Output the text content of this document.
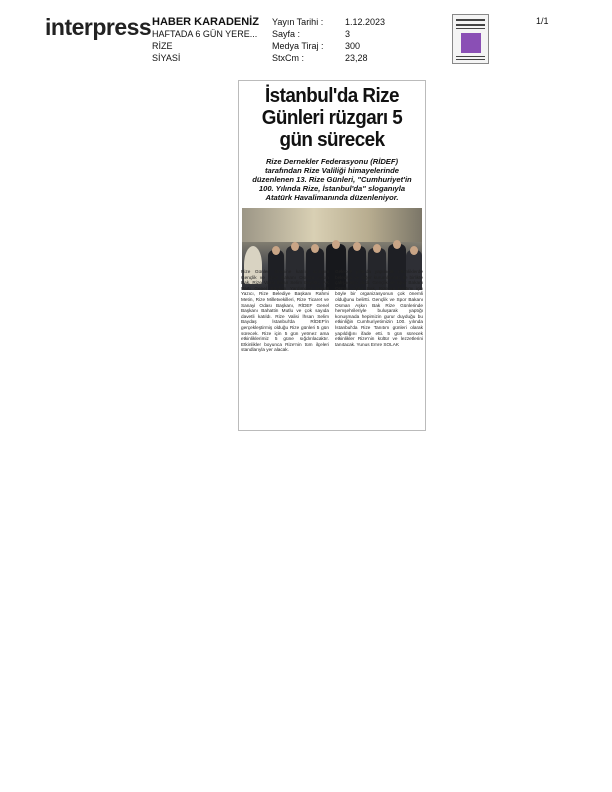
interpress HABER KARADENİZ
HAFTADA 6 GÜN YERE...
RİZE
SİYASİ
Yayın Tarihi :
Sayfa :
Medya Tiraj :
StxCm :
1.12.2023
3
300
23,28
1/1
İstanbul'da Rize Günleri rüzgarı 5 gün sürecek
Rize Dernekler Federasyonu (RİDEF) tarafından Rize Valiliği himayelerinde düzenlenen 13. Rize Günleri, "Cumhuriyet'in 100. Yılında Rize, İstanbul'da" sloganıyla Atatürk Havalimanında düzenleniyor.

Rize Günleri törenine katılıp açılışını Gençlik ve Spor Bakanı Osman Aşkın Bak, Rize Valisi İhsan Selim Baydaş, AK Parti Genel Başkan Yardımcısı Hayati Yazıcı, Rize Belediye Başkanı Rahmi Metin, Rize Milletvekilleri, Rize Ticaret ve Sanayi Odası Başkanı, RİDEF Genel Başkanı Bahattin Mutlu ve çok sayıda davetli katıldı. Rize Valisi İhsan Selim Baydaş İstanbul'da RİDEF'in gerçekleştirmiş olduğu Rize günleri 5 gün sürecek. Rize için 5 gün yetmez ama etkinliklerimiz 5 güne sığdırılacaktır. Etkinlikler boyunca Rize'nin tüm ilçeleri standlarıyla yer alacak.

Gelecek yıllarda yapılacak etkinliklerde belediye ve diğer kurumlarımız ile birlikte çalışacağız dedi. Gençlik ve Spor Bakanı Osman Aşkın Bak, Rize'nin tanıtımı için böyle bir organizasyonun çok önemli olduğunu belirtti. Gençlik ve Spor Bakanı Osman Aşkın Bak Rize Günlerinde hemşehrileriyle buluşarak yaptığı konuşmada hepimizin gurur duyduğu bu etkinliğin Cumhuriyetimizin 100. yılında İstanbul'da Rize Tanıtım günleri olarak yapıldığını ifade etti. 5 gün sürecek etkinlikler Rize'nin kültür ve lezzetlerini tanıtacak. Yunus Emre SOLAK
